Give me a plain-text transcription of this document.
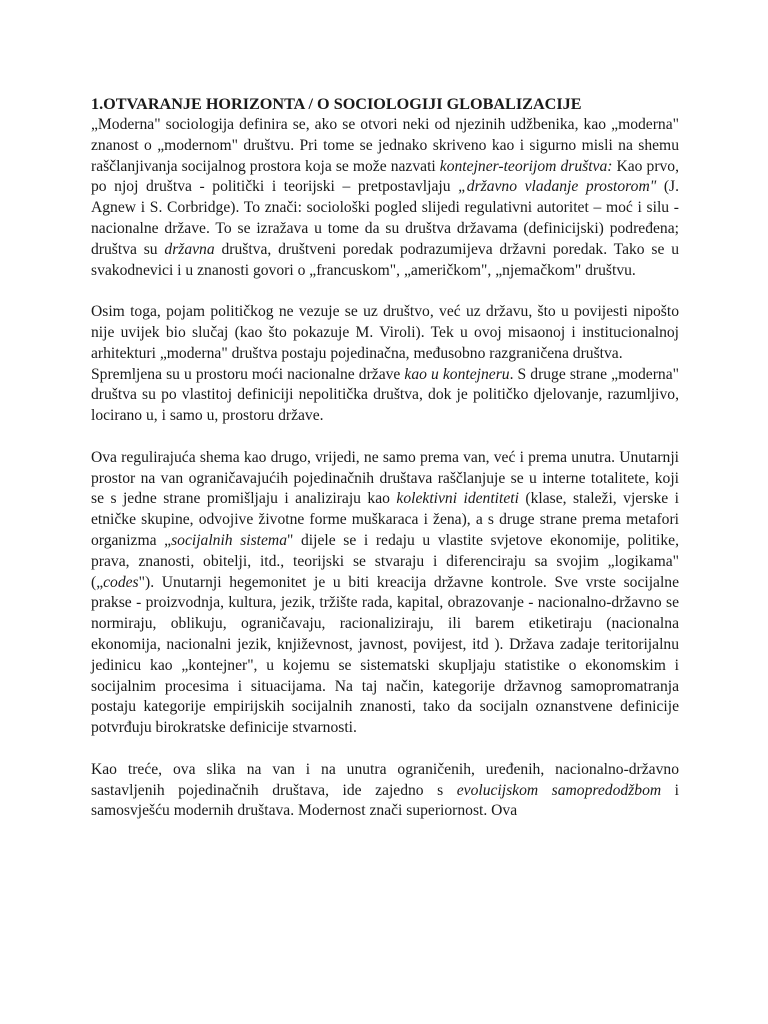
1.OTVARANJE HORIZONTA / O SOCIOLOGIJI GLOBALIZACIJE

„Moderna" sociologija definira se, ako se otvori neki od njezinih udžbenika, kao „moderna" znanost o „modernom" društvu. Pri tome se jednako skriveno kao i sigurno misli na shemu raščlanjivanja socijalnog prostora koja se može nazvati kontejner-teorijom društva: Kao prvo, po njoj društva - politički i teorijski – pretpostavljaju „državno vladanje prostorom" (J. Agnew i S. Corbridge). To znači: sociološki pogled slijedi regulativni autoritet – moć i silu - nacionalne države. To se izražava u tome da su društva državama (definicijski) podređena; društva su državna društva, društveni poredak podrazumijeva državni poredak. Tako se u svakodnevici i u znanosti govori o „francuskom", „američkom", „njemačkom" društvu.

Osim toga, pojam političkog ne vezuje se uz društvo, već uz državu, što u povijesti nipošto nije uvijek bio slučaj (kao što pokazuje M. Viroli). Tek u ovoj misaonoj i institucionalnoj arhitekturi „moderna" društva postaju pojedinačna, međusobno razgraničena društva.

Spremljena su u prostoru moći nacionalne države kao u kontejneru. S druge strane „moderna" društva su po vlastitoj definiciji nepolitička društva, dok je političko djelovanje, razumljivo, locirano u, i samo u, prostoru države.

Ova regulirajuća shema kao drugo, vrijedi, ne samo prema van, već i prema unutra. Unutarnji prostor na van ograničavajućih pojedinačnih društava raščlanjuje se u interne totalitete, koji se s jedne strane promišljaju i analiziraju kao kolektivni identiteti (klase, staleži, vjerske i etničke skupine, odvojive životne forme muškaraca i žena), a s druge strane prema metafori organizma „socijalnih sistema" dijele se i redaju u vlastite svjetove ekonomije, politike, prava, znanosti, obitelji, itd., teorijski se stvaraju i diferenciraju sa svojim „logikama" („codes"). Unutarnji hegemonitet je u biti kreacija državne kontrole. Sve vrste socijalne prakse - proizvodnja, kultura, jezik, tržište rada, kapital, obrazovanje - nacionalno-državno se normiraju, oblikuju, ograničavaju, racionaliziraju, ili barem etiketiraju (nacionalna ekonomija, nacionalni jezik, književnost, javnost, povijest, itd ). Država zadaje teritorijalnu jedinicu kao „kontejner", u kojemu se sistematski skupljaju statistike o ekonomskim i socijalnim procesima i situacijama. Na taj način, kategorije državnog samopromatranja postaju kategorije empirijskih socijalnih znanosti, tako da socijaln oznanstvene definicije potvrđuju birokratske definicije stvarnosti.

Kao treće, ova slika na van i na unutra ograničenih, uređenih, nacionalno-državno sastavljenih pojedinačnih društava, ide zajedno s evolucijskom samopredodžbom i samosvješću modernih društava. Modernost znači superiornost. Ova
